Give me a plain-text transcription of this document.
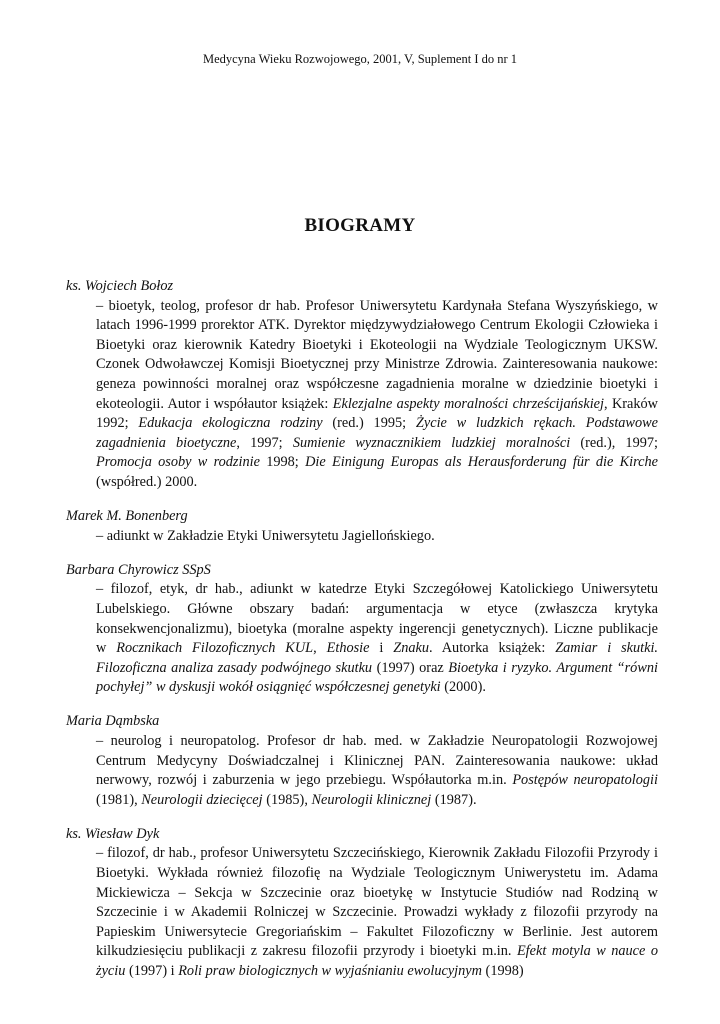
Medycyna Wieku Rozwojowego, 2001, V, Suplement I do nr 1
BIOGRAMY
ks. Wojciech Bołoz
– bioetyk, teolog, profesor dr hab. Profesor Uniwersytetu Kardynała Stefana Wyszyńskiego, w latach 1996-1999 prorektor ATK. Dyrektor międzywydziałowego Centrum Ekologii Człowieka i Bioetyki oraz kierownik Katedry Bioetyki i Ekoteologii na Wydziale Teologicznym UKSW. Czonek Odwoławczej Komisji Bioetycznej przy Ministrze Zdrowia. Zainteresowania naukowe: geneza powinności moralnej oraz współczesne zagadnienia moralne w dziedzinie bioetyki i ekoteologii. Autor i współautor książek: Eklezjalne aspekty moralności chrześcijańskiej, Kraków 1992; Edukacja ekologiczna rodziny (red.) 1995; Życie w ludzkich rękach. Podstawowe zagadnienia bioetyczne, 1997; Sumienie wyznacznikiem ludzkiej moralności (red.), 1997; Promocja osoby w rodzinie 1998; Die Einigung Europas als Herausforderung für die Kirche (współred.) 2000.
Marek M. Bonenberg
– adiunkt w Zakładzie Etyki Uniwersytetu Jagiellońskiego.
Barbara Chyrowicz SSpS
– filozof, etyk, dr hab., adiunkt w katedrze Etyki Szczegółowej Katolickiego Uniwersytetu Lubelskiego. Główne obszary badań: argumentacja w etyce (zwłaszcza krytyka konsekwencjonalizmu), bioetyka (moralne aspekty ingerencji genetycznych). Liczne publikacje w Rocznikach Filozoficznych KUL, Ethosie i Znaku. Autorka książek: Zamiar i skutki. Filozoficzna analiza zasady podwójnego skutku (1997) oraz Bioetyka i ryzyko. Argument “równi pochyłej” w dyskusji wokół osiągnięć współczesnej genetyki (2000).
Maria Dąmbska
– neurolog i neuropatolog. Profesor dr hab. med. w Zakładzie Neuropatologii Rozwojowej Centrum Medycyny Doświadczalnej i Klinicznej PAN. Zainteresowania naukowe: układ nerwowy, rozwój i zaburzenia w jego przebiegu. Współautorka m.in. Postępów neuropatologii (1981), Neurologii dziecięcej (1985), Neurologii klinicznej (1987).
ks. Wiesław Dyk
– filozof, dr hab., profesor Uniwersytetu Szczecińskiego, Kierownik Zakładu Filozofii Przyrody i Bioetyki. Wykłada również filozofię na Wydziale Teologicznym Uniwerystetu im. Adama Mickiewicza – Sekcja w Szczecinie oraz bioetykę w Instytucie Studiów nad Rodziną w Szczecinie i w Akademii Rolniczej w Szczecinie. Prowadzi wykłady z filozofii przyrody na Papieskim Uniwersytecie Gregoriańskim – Fakultet Filozoficzny w Berlinie. Jest autorem kilkudziesięciu publikacji z zakresu filozofii przyrody i bioetyki m.in. Efekt motyla w nauce o życiu (1997) i Roli praw biologicznych w wyjaśnianiu ewolucyjnym (1998)
